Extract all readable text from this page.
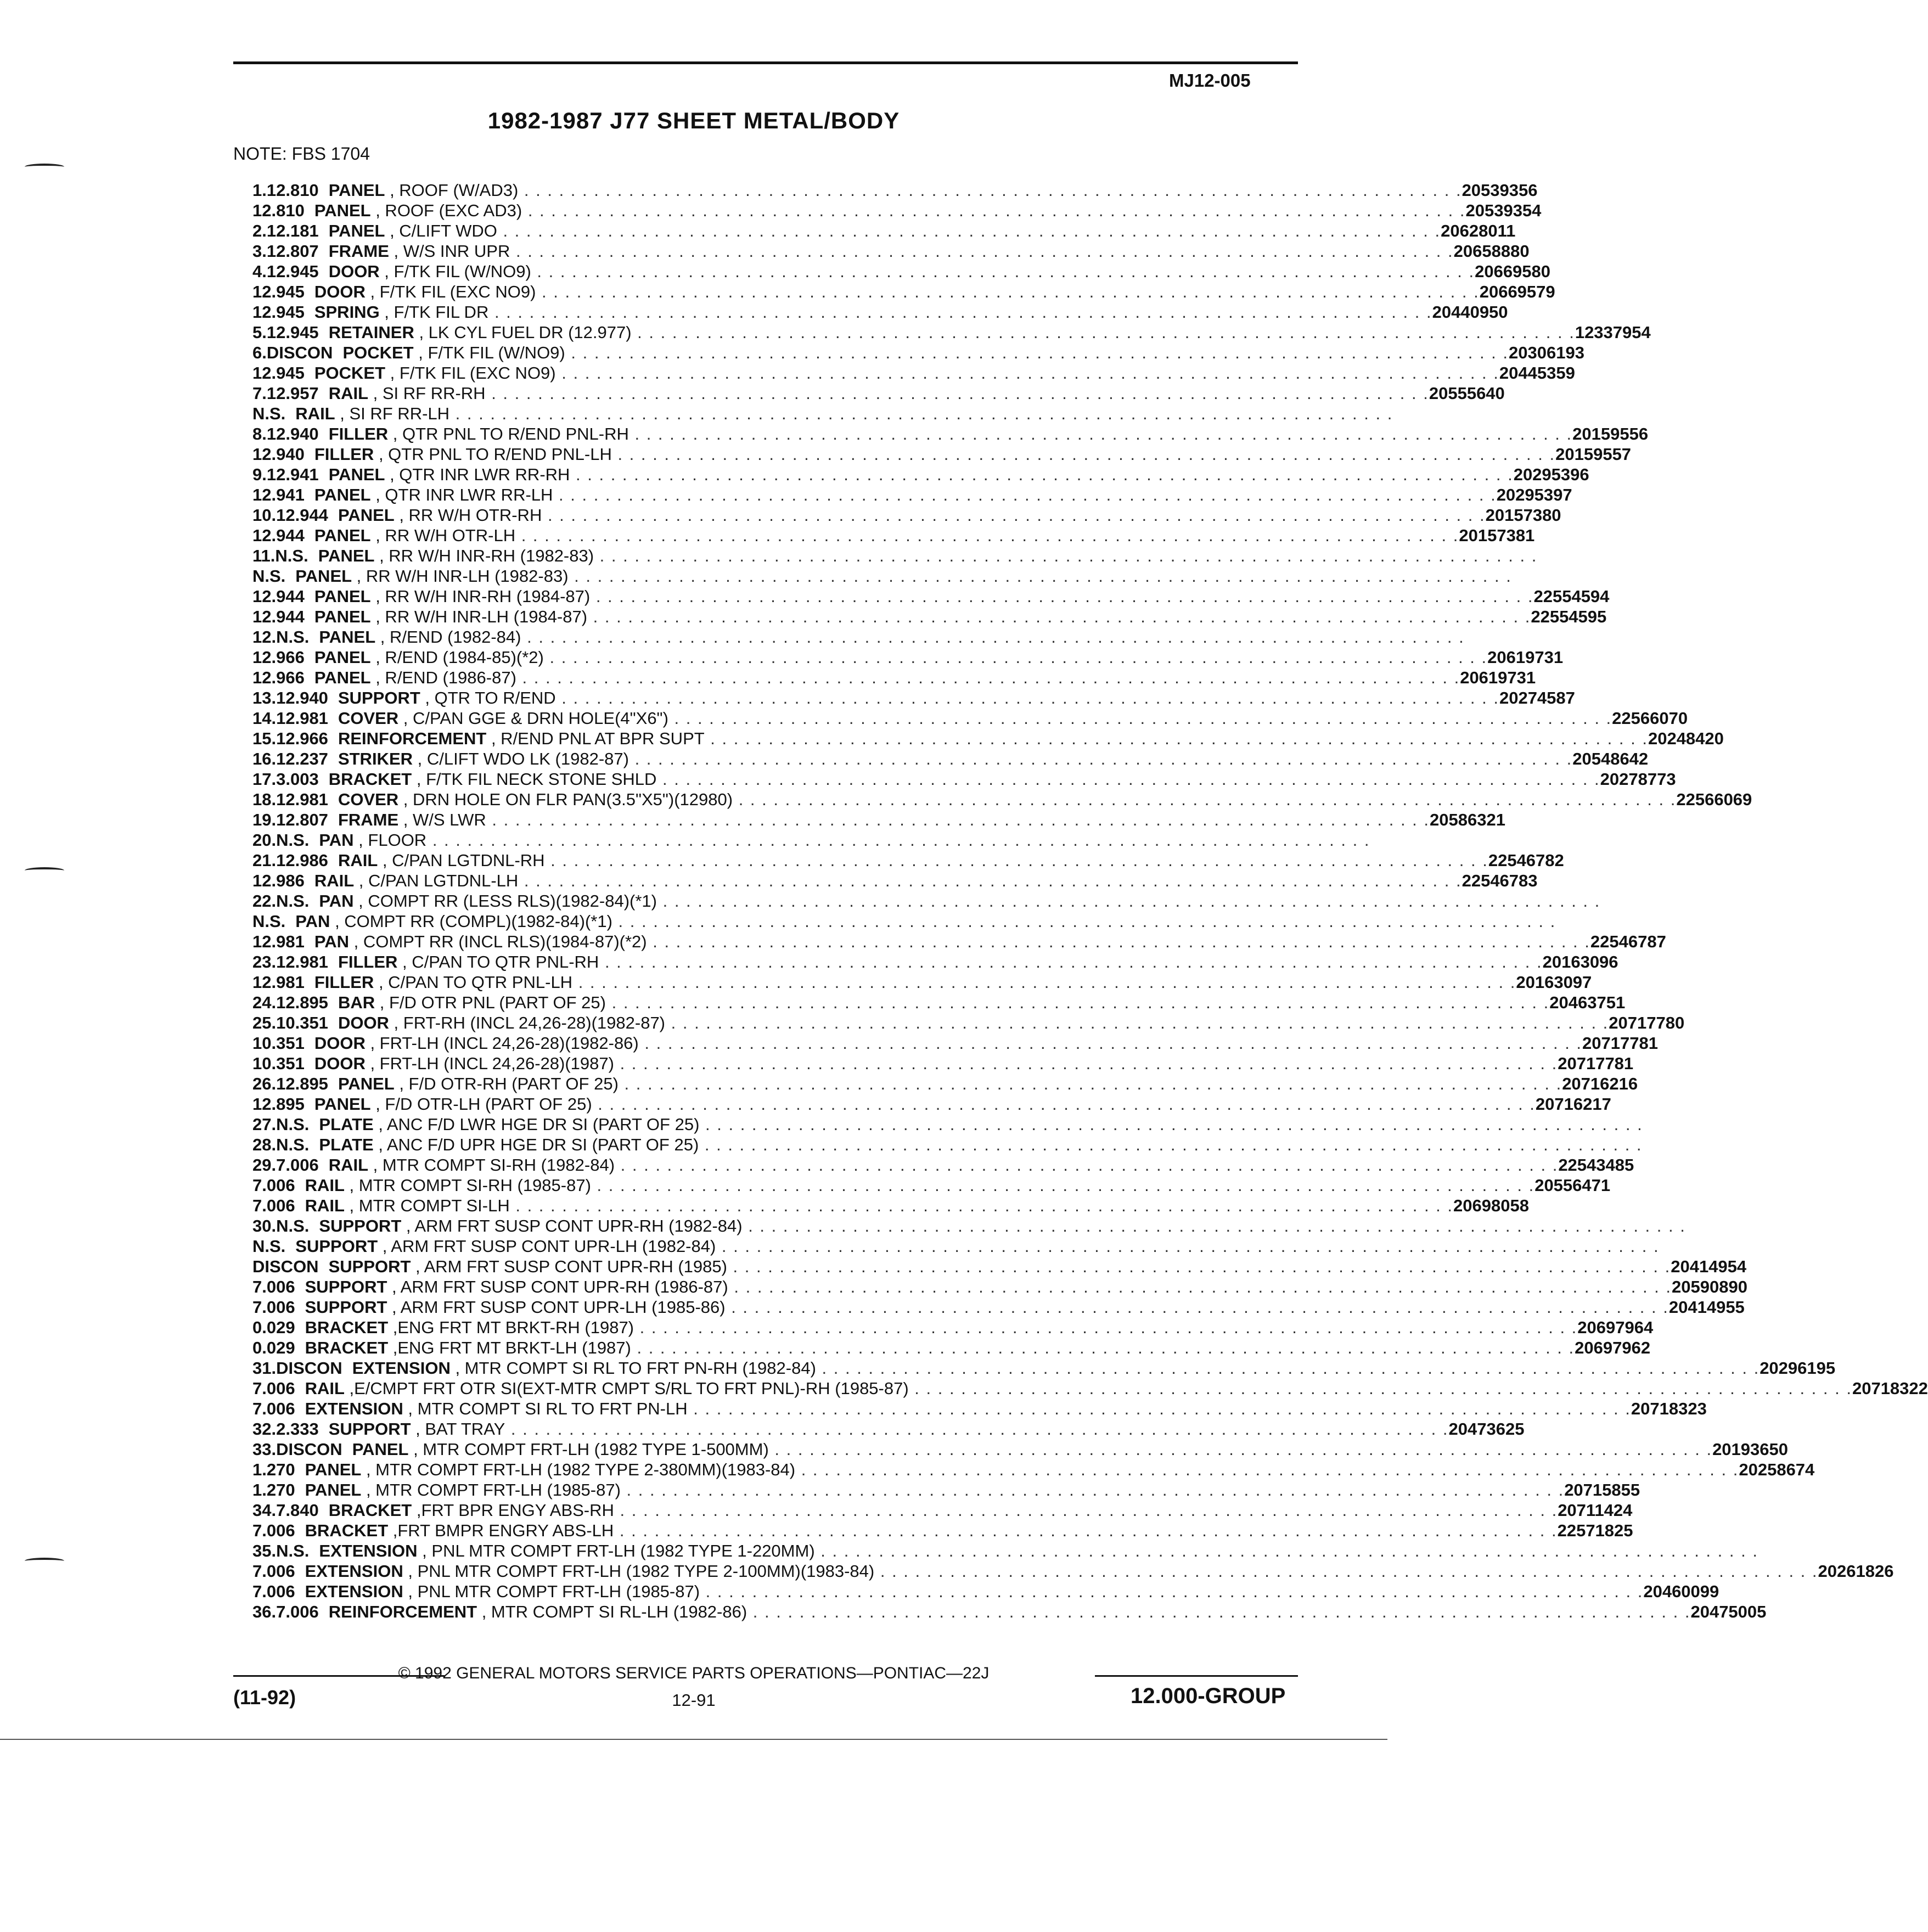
MJ12-005
1982-1987 J77 SHEET METAL/BODY
NOTE: FBS 1704
1. 12.810 PANEL , ROOF (W/AD3) . . . . . . . . . . . . . . . . . . . . . . . . . . . . . . . . . . . . . . . . . . . . . . . . . . . . . . . . . . . . . . . . . . . . . . . . . . . . . . . . . 20539356
12.810 PANEL , ROOF (EXC AD3) . . . . . . . . . . . . . . . . . . . . . . . . . . . . . . . . . . . . . . . . . . . . . . . . . . . . . . . . . . . . . . . . . . . . . . . . . . . . . . . . . 20539354
2. 12.181 PANEL , C/LIFT WDO . . . . . . . . . . . . . . . . . . . . . . . . . . . . . . . . . . . . . . . . . . . . . . . . . . . . . . . . . . . . . . . . . . . . . . . . . . . . . . . . . 20628011
3. 12.807 FRAME , W/S INR UPR . . . . . . . . . . . . . . . . . . . . . . . . . . . . . . . . . . . . . . . . . . . . . . . . . . . . . . . . . . . . . . . . . . . . . . . . . . . . . . . . . 20658880
4. 12.945 DOOR , F/TK FIL (W/NO9) . . . . . . . . . . . . . . . . . . . . . . . . . . . . . . . . . . . . . . . . . . . . . . . . . . . . . . . . . . . . . . . . . . . . . . . . . . . . . . . . . 20669580
12.945 DOOR , F/TK FIL (EXC NO9) . . . . . . . . . . . . . . . . . . . . . . . . . . . . . . . . . . . . . . . . . . . . . . . . . . . . . . . . . . . . . . . . . . . . . . . . . . . . . . . . . 20669579
12.945 SPRING , F/TK FIL DR . . . . . . . . . . . . . . . . . . . . . . . . . . . . . . . . . . . . . . . . . . . . . . . . . . . . . . . . . . . . . . . . . . . . . . . . . . . . . . . . . 20440950
5. 12.945 RETAINER , LK CYL FUEL DR (12.977) . . . . . . . . . . . . . . . . . . . . . . . . . . . . . . . . . . . . . . . . . . . . . . . . . . . . . . . . . . . . . . . . . . . . . . . . . . . . . . . . . 12337954
6. DISCON POCKET , F/TK FIL (W/NO9) . . . . . . . . . . . . . . . . . . . . . . . . . . . . . . . . . . . . . . . . . . . . . . . . . . . . . . . . . . . . . . . . . . . . . . . . . . . . . . . . . 20306193
12.945 POCKET , F/TK FIL (EXC NO9) . . . . . . . . . . . . . . . . . . . . . . . . . . . . . . . . . . . . . . . . . . . . . . . . . . . . . . . . . . . . . . . . . . . . . . . . . . . . . . . . . 20445359
7. 12.957 RAIL , SI RF RR-RH . . . . . . . . . . . . . . . . . . . . . . . . . . . . . . . . . . . . . . . . . . . . . . . . . . . . . . . . . . . . . . . . . . . . . . . . . . . . . . . . . 20555640
N.S. RAIL , SI RF RR-LH . . . . . . . . . . . . . . . . . . . . . . . . . . . . . . . . . . . . . . . . . . . . . . . . . . . . . . . . . . . . . . . . . . . . . . . . . . . . . . . . .
8. 12.940 FILLER , QTR PNL TO R/END PNL-RH . . . . . . . . . . . . . . . . . . . . . . . . . . . . . . . . . . . . . . . . . . . . . . . . . . . . . . . . . . . . . . . . . . . . . . . . . . . . . . . . . 20159556
12.940 FILLER , QTR PNL TO R/END PNL-LH . . . . . . . . . . . . . . . . . . . . . . . . . . . . . . . . . . . . . . . . . . . . . . . . . . . . . . . . . . . . . . . . . . . . . . . . . . . . . . . . . 20159557
9. 12.941 PANEL , QTR INR LWR RR-RH . . . . . . . . . . . . . . . . . . . . . . . . . . . . . . . . . . . . . . . . . . . . . . . . . . . . . . . . . . . . . . . . . . . . . . . . . . . . . . . . . 20295396
12.941 PANEL , QTR INR LWR RR-LH . . . . . . . . . . . . . . . . . . . . . . . . . . . . . . . . . . . . . . . . . . . . . . . . . . . . . . . . . . . . . . . . . . . . . . . . . . . . . . . . . 20295397
10. 12.944 PANEL , RR W/H OTR-RH . . . . . . . . . . . . . . . . . . . . . . . . . . . . . . . . . . . . . . . . . . . . . . . . . . . . . . . . . . . . . . . . . . . . . . . . . . . . . . . . . 20157380
12.944 PANEL , RR W/H OTR-LH . . . . . . . . . . . . . . . . . . . . . . . . . . . . . . . . . . . . . . . . . . . . . . . . . . . . . . . . . . . . . . . . . . . . . . . . . . . . . . . . . 20157381
11. N.S. PANEL , RR W/H INR-RH (1982-83) . . . . . . . . . . . . . . . . . . . . . . . . . . . . . . . . . . . . . . . . . . . . . . . . . . . . . . . . . . . . . . . . . . . . . . . . . . . . . . . . .
N.S. PANEL , RR W/H INR-LH (1982-83) . . . . . . . . . . . . . . . . . . . . . . . . . . . . . . . . . . . . . . . . . . . . . . . . . . . . . . . . . . . . . . . . . . . . . . . . . . . . . . . . .
12.944 PANEL , RR W/H INR-RH (1984-87) . . . . . . . . . . . . . . . . . . . . . . . . . . . . . . . . . . . . . . . . . . . . . . . . . . . . . . . . . . . . . . . . . . . . . . . . . . . . . . . . . 22554594
12.944 PANEL , RR W/H INR-LH (1984-87) . . . . . . . . . . . . . . . . . . . . . . . . . . . . . . . . . . . . . . . . . . . . . . . . . . . . . . . . . . . . . . . . . . . . . . . . . . . . . . . . . 22554595
12. N.S. PANEL , R/END (1982-84) . . . . . . . . . . . . . . . . . . . . . . . . . . . . . . . . . . . . . . . . . . . . . . . . . . . . . . . . . . . . . . . . . . . . . . . . . . . . . . . . .
12.966 PANEL , R/END (1984-85)(*2) . . . . . . . . . . . . . . . . . . . . . . . . . . . . . . . . . . . . . . . . . . . . . . . . . . . . . . . . . . . . . . . . . . . . . . . . . . . . . . . . . 20619731
12.966 PANEL , R/END (1986-87) . . . . . . . . . . . . . . . . . . . . . . . . . . . . . . . . . . . . . . . . . . . . . . . . . . . . . . . . . . . . . . . . . . . . . . . . . . . . . . . . . 20619731
13. 12.940 SUPPORT , QTR TO R/END . . . . . . . . . . . . . . . . . . . . . . . . . . . . . . . . . . . . . . . . . . . . . . . . . . . . . . . . . . . . . . . . . . . . . . . . . . . . . . . . . 20274587
14. 12.981 COVER , C/PAN GGE & DRN HOLE(4"X6") . . . . . . . . . . . . . . . . . . . . . . . . . . . . . . . . . . . . . . . . . . . . . . . . . . . . . . . . . . . . . . . . . . . . . . . . . . . . . . . . . 22566070
15. 12.966 REINFORCEMENT , R/END PNL AT BPR SUPT . . . . . . . . . . . . . . . . . . . . . . . . . . . . . . . . . . . . . . . . . . . . . . . . . . . . . . . . . . . . . . . . . . . . . . . . . . . . . . . . . 20248420
16. 12.237 STRIKER , C/LIFT WDO LK (1982-87) . . . . . . . . . . . . . . . . . . . . . . . . . . . . . . . . . . . . . . . . . . . . . . . . . . . . . . . . . . . . . . . . . . . . . . . . . . . . . . . . . 20548642
17. 3.003 BRACKET , F/TK FIL NECK STONE SHLD . . . . . . . . . . . . . . . . . . . . . . . . . . . . . . . . . . . . . . . . . . . . . . . . . . . . . . . . . . . . . . . . . . . . . . . . . . . . . . . . . 20278773
18. 12.981 COVER , DRN HOLE ON FLR PAN(3.5"X5")(12980) . . . . . . . . . . . . . . . . . . . . . . . . . . . . . . . . . . . . . . . . . . . . . . . . . . . . . . . . . . . . . . . . . . . . . . . . . . . . . . . . . 22566069
19. 12.807 FRAME , W/S LWR . . . . . . . . . . . . . . . . . . . . . . . . . . . . . . . . . . . . . . . . . . . . . . . . . . . . . . . . . . . . . . . . . . . . . . . . . . . . . . . . . 20586321
20. N.S. PAN , FLOOR . . . . . . . . . . . . . . . . . . . . . . . . . . . . . . . . . . . . . . . . . . . . . . . . . . . . . . . . . . . . . . . . . . . . . . . . . . . . . . . . .
21. 12.986 RAIL , C/PAN LGTDNL-RH . . . . . . . . . . . . . . . . . . . . . . . . . . . . . . . . . . . . . . . . . . . . . . . . . . . . . . . . . . . . . . . . . . . . . . . . . . . . . . . . . 22546782
12.986 RAIL , C/PAN LGTDNL-LH . . . . . . . . . . . . . . . . . . . . . . . . . . . . . . . . . . . . . . . . . . . . . . . . . . . . . . . . . . . . . . . . . . . . . . . . . . . . . . . . . 22546783
22. N.S. PAN , COMPT RR (LESS RLS)(1982-84)(*1) . . . . . . . . . . . . . . . . . . . . . . . . . . . . . . . . . . . . . . . . . . . . . . . . . . . . . . . . . . . . . . . . . . . . . . . . . . . . . . . . .
N.S. PAN , COMPT RR (COMPL)(1982-84)(*1) . . . . . . . . . . . . . . . . . . . . . . . . . . . . . . . . . . . . . . . . . . . . . . . . . . . . . . . . . . . . . . . . . . . . . . . . . . . . . . . . .
12.981 PAN , COMPT RR (INCL RLS)(1984-87)(*2) . . . . . . . . . . . . . . . . . . . . . . . . . . . . . . . . . . . . . . . . . . . . . . . . . . . . . . . . . . . . . . . . . . . . . . . . . . . . . . . . . 22546787
23. 12.981 FILLER , C/PAN TO QTR PNL-RH . . . . . . . . . . . . . . . . . . . . . . . . . . . . . . . . . . . . . . . . . . . . . . . . . . . . . . . . . . . . . . . . . . . . . . . . . . . . . . . . . 20163096
12.981 FILLER , C/PAN TO QTR PNL-LH . . . . . . . . . . . . . . . . . . . . . . . . . . . . . . . . . . . . . . . . . . . . . . . . . . . . . . . . . . . . . . . . . . . . . . . . . . . . . . . . . 20163097
24. 12.895 BAR , F/D OTR PNL (PART OF 25) . . . . . . . . . . . . . . . . . . . . . . . . . . . . . . . . . . . . . . . . . . . . . . . . . . . . . . . . . . . . . . . . . . . . . . . . . . . . . . . . . 20463751
25. 10.351 DOOR , FRT-RH (INCL 24,26-28)(1982-87) . . . . . . . . . . . . . . . . . . . . . . . . . . . . . . . . . . . . . . . . . . . . . . . . . . . . . . . . . . . . . . . . . . . . . . . . . . . . . . . . . 20717780
10.351 DOOR , FRT-LH (INCL 24,26-28)(1982-86) . . . . . . . . . . . . . . . . . . . . . . . . . . . . . . . . . . . . . . . . . . . . . . . . . . . . . . . . . . . . . . . . . . . . . . . . . . . . . . . . . 20717781
10.351 DOOR , FRT-LH (INCL 24,26-28)(1987) . . . . . . . . . . . . . . . . . . . . . . . . . . . . . . . . . . . . . . . . . . . . . . . . . . . . . . . . . . . . . . . . . . . . . . . . . . . . . . . . . 20717781
26. 12.895 PANEL , F/D OTR-RH (PART OF 25) . . . . . . . . . . . . . . . . . . . . . . . . . . . . . . . . . . . . . . . . . . . . . . . . . . . . . . . . . . . . . . . . . . . . . . . . . . . . . . . . . 20716216
12.895 PANEL , F/D OTR-LH (PART OF 25) . . . . . . . . . . . . . . . . . . . . . . . . . . . . . . . . . . . . . . . . . . . . . . . . . . . . . . . . . . . . . . . . . . . . . . . . . . . . . . . . . 20716217
27. N.S. PLATE , ANC F/D LWR HGE DR SI (PART OF 25) . . . . . . . . . . . . . . . . . . . . . . . . . . . . . . . . . . . . . . . . . . . . . . . . . . . . . . . . . . . . . . . . . . . . . . . . . . . . . . . . .
28. N.S. PLATE , ANC F/D UPR HGE DR SI (PART OF 25) . . . . . . . . . . . . . . . . . . . . . . . . . . . . . . . . . . . . . . . . . . . . . . . . . . . . . . . . . . . . . . . . . . . . . . . . . . . . . . . . .
29. 7.006 RAIL , MTR COMPT SI-RH (1982-84) . . . . . . . . . . . . . . . . . . . . . . . . . . . . . . . . . . . . . . . . . . . . . . . . . . . . . . . . . . . . . . . . . . . . . . . . . . . . . . . . . 22543485
7.006 RAIL , MTR COMPT SI-RH (1985-87) . . . . . . . . . . . . . . . . . . . . . . . . . . . . . . . . . . . . . . . . . . . . . . . . . . . . . . . . . . . . . . . . . . . . . . . . . . . . . . . . . 20556471
7.006 RAIL , MTR COMPT SI-LH . . . . . . . . . . . . . . . . . . . . . . . . . . . . . . . . . . . . . . . . . . . . . . . . . . . . . . . . . . . . . . . . . . . . . . . . . . . . . . . . . 20698058
30. N.S. SUPPORT , ARM FRT SUSP CONT UPR-RH (1982-84) . . . . . . . . . . . . . . . . . . . . . . . . . . . . . . . . . . . . . . . . . . . . . . . . . . . . . . . . . . . . . . . . . . . . . . . . . . . . . . . . .
N.S. SUPPORT , ARM FRT SUSP CONT UPR-LH (1982-84) . . . . . . . . . . . . . . . . . . . . . . . . . . . . . . . . . . . . . . . . . . . . . . . . . . . . . . . . . . . . . . . . . . . . . . . . . . . . . . . . .
DISCON SUPPORT , ARM FRT SUSP CONT UPR-RH (1985) . . . . . . . . . . . . . . . . . . . . . . . . . . . . . . . . . . . . . . . . . . . . . . . . . . . . . . . . . . . . . . . . . . . . . . . . . . . . . . . . . 20414954
7.006 SUPPORT , ARM FRT SUSP CONT UPR-RH (1986-87) . . . . . . . . . . . . . . . . . . . . . . . . . . . . . . . . . . . . . . . . . . . . . . . . . . . . . . . . . . . . . . . . . . . . . . . . . . . . . . . . . 20590890
7.006 SUPPORT , ARM FRT SUSP CONT UPR-LH (1985-86) . . . . . . . . . . . . . . . . . . . . . . . . . . . . . . . . . . . . . . . . . . . . . . . . . . . . . . . . . . . . . . . . . . . . . . . . . . . . . . . . . 20414955
0.029 BRACKET ,ENG FRT MT BRKT-RH (1987) . . . . . . . . . . . . . . . . . . . . . . . . . . . . . . . . . . . . . . . . . . . . . . . . . . . . . . . . . . . . . . . . . . . . . . . . . . . . . . . . . 20697964
0.029 BRACKET ,ENG FRT MT BRKT-LH (1987) . . . . . . . . . . . . . . . . . . . . . . . . . . . . . . . . . . . . . . . . . . . . . . . . . . . . . . . . . . . . . . . . . . . . . . . . . . . . . . . . . 20697962
31. DISCON EXTENSION , MTR COMPT SI RL TO FRT PN-RH (1982-84) . . . . . . . . . . . . . . . . . . . . . . . . . . . . . . . . . . . . . . . . . . . . . . . . . . . . . . . . . . . . . . . . . . . . . . . . . . . . . . . . . 20296195
7.006 RAIL ,E/CMPT FRT OTR SI(EXT-MTR CMPT S/RL TO FRT PNL)-RH (1985-87) . . . . . . . . . . . . . . . . . . . . . . . . . . . . . . . . . . . . . . . . . . . . . . . . . . . . . . . . . . . . . . . . . . . . . . . . . . . . . . . . . 20718322
7.006 EXTENSION , MTR COMPT SI RL TO FRT PN-LH . . . . . . . . . . . . . . . . . . . . . . . . . . . . . . . . . . . . . . . . . . . . . . . . . . . . . . . . . . . . . . . . . . . . . . . . . . . . . . . . . 20718323
32. 2.333 SUPPORT , BAT TRAY . . . . . . . . . . . . . . . . . . . . . . . . . . . . . . . . . . . . . . . . . . . . . . . . . . . . . . . . . . . . . . . . . . . . . . . . . . . . . . . . . 20473625
33. DISCON PANEL , MTR COMPT FRT-LH (1982 TYPE 1-500MM) . . . . . . . . . . . . . . . . . . . . . . . . . . . . . . . . . . . . . . . . . . . . . . . . . . . . . . . . . . . . . . . . . . . . . . . . . . . . . . . . . 20193650
1.270 PANEL , MTR COMPT FRT-LH (1982 TYPE 2-380MM)(1983-84) . . . . . . . . . . . . . . . . . . . . . . . . . . . . . . . . . . . . . . . . . . . . . . . . . . . . . . . . . . . . . . . . . . . . . . . . . . . . . . . . . 20258674
1.270 PANEL , MTR COMPT FRT-LH (1985-87) . . . . . . . . . . . . . . . . . . . . . . . . . . . . . . . . . . . . . . . . . . . . . . . . . . . . . . . . . . . . . . . . . . . . . . . . . . . . . . . . . 20715855
34. 7.840 BRACKET ,FRT BPR ENGY ABS-RH . . . . . . . . . . . . . . . . . . . . . . . . . . . . . . . . . . . . . . . . . . . . . . . . . . . . . . . . . . . . . . . . . . . . . . . . . . . . . . . . . 20711424
7.006 BRACKET ,FRT BMPR ENGRY ABS-LH . . . . . . . . . . . . . . . . . . . . . . . . . . . . . . . . . . . . . . . . . . . . . . . . . . . . . . . . . . . . . . . . . . . . . . . . . . . . . . . . . 22571825
35. N.S. EXTENSION , PNL MTR COMPT FRT-LH (1982 TYPE 1-220MM) . . . . . . . . . . . . . . . . . . . . . . . . . . . . . . . . . . . . . . . . . . . . . . . . . . . . . . . . . . . . . . . . . . . . . . . . . . . . . . . . .
7.006 EXTENSION , PNL MTR COMPT FRT-LH (1982 TYPE 2-100MM)(1983-84) . . . . . . . . . . . . . . . . . . . . . . . . . . . . . . . . . . . . . . . . . . . . . . . . . . . . . . . . . . . . . . . . . . . . . . . . . . . . . . . . . 20261826
7.006 EXTENSION , PNL MTR COMPT FRT-LH (1985-87) . . . . . . . . . . . . . . . . . . . . . . . . . . . . . . . . . . . . . . . . . . . . . . . . . . . . . . . . . . . . . . . . . . . . . . . . . . . . . . . . . 20460099
36. 7.006 REINFORCEMENT , MTR COMPT SI RL-LH (1982-86) . . . . . . . . . . . . . . . . . . . . . . . . . . . . . . . . . . . . . . . . . . . . . . . . . . . . . . . . . . . . . . . . . . . . . . . . . . . . . . . . . 20475005
© 1992 GENERAL MOTORS SERVICE PARTS OPERATIONS—PONTIAC—22J
(11-92)	12-91	12.000-GROUP
